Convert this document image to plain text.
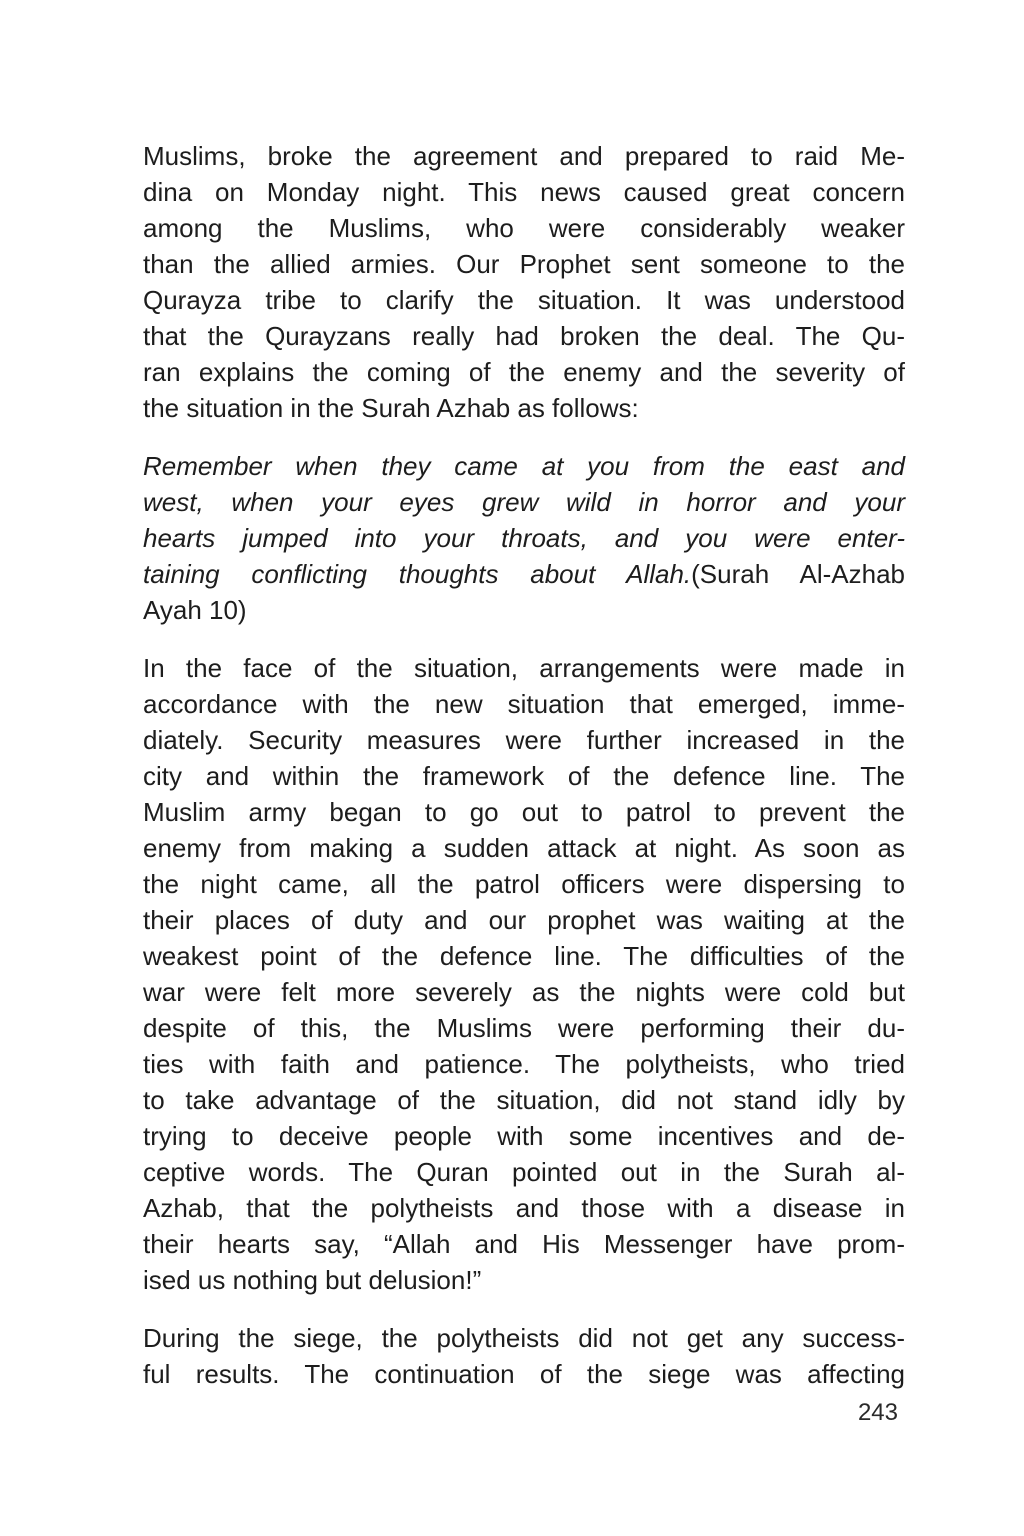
Muslims, broke the agreement and prepared to raid Me-
dina on Monday night. This news caused great concern
among the Muslims, who were considerably weaker
than the allied armies. Our Prophet sent someone to the
Qurayza tribe to clarify the situation. It was understood
that the Qurayzans really had broken the deal. The Qu-
ran explains the coming of the enemy and the severity of
the situation in the Surah Azhab as follows:
Remember when they came at you from the east and
west, when your eyes grew wild in horror and your
hearts jumped into your throats, and you were enter-
taining conflicting thoughts about Allah.(Surah Al-Azhab
Ayah 10)
In the face of the situation, arrangements were made in
accordance with the new situation that emerged, imme-
diately. Security measures were further increased in the
city and within the framework of the defence line. The
Muslim army began to go out to patrol to prevent the
enemy from making a sudden attack at night. As soon as
the night came, all the patrol officers were dispersing to
their places of duty and our prophet was waiting at the
weakest point of the defence line. The difficulties of the
war were felt more severely as the nights were cold but
despite of this, the Muslims were performing their du-
ties with faith and patience. The polytheists, who tried
to take advantage of the situation, did not stand idly by
trying to deceive people with some incentives and de-
ceptive words. The Quran pointed out in the Surah al-
Azhab, that the polytheists and those with a disease in
their hearts say, “Allah and His Messenger have prom-
ised us nothing but delusion!”
During the siege, the polytheists did not get any success-
ful results. The continuation of the siege was affecting
243
